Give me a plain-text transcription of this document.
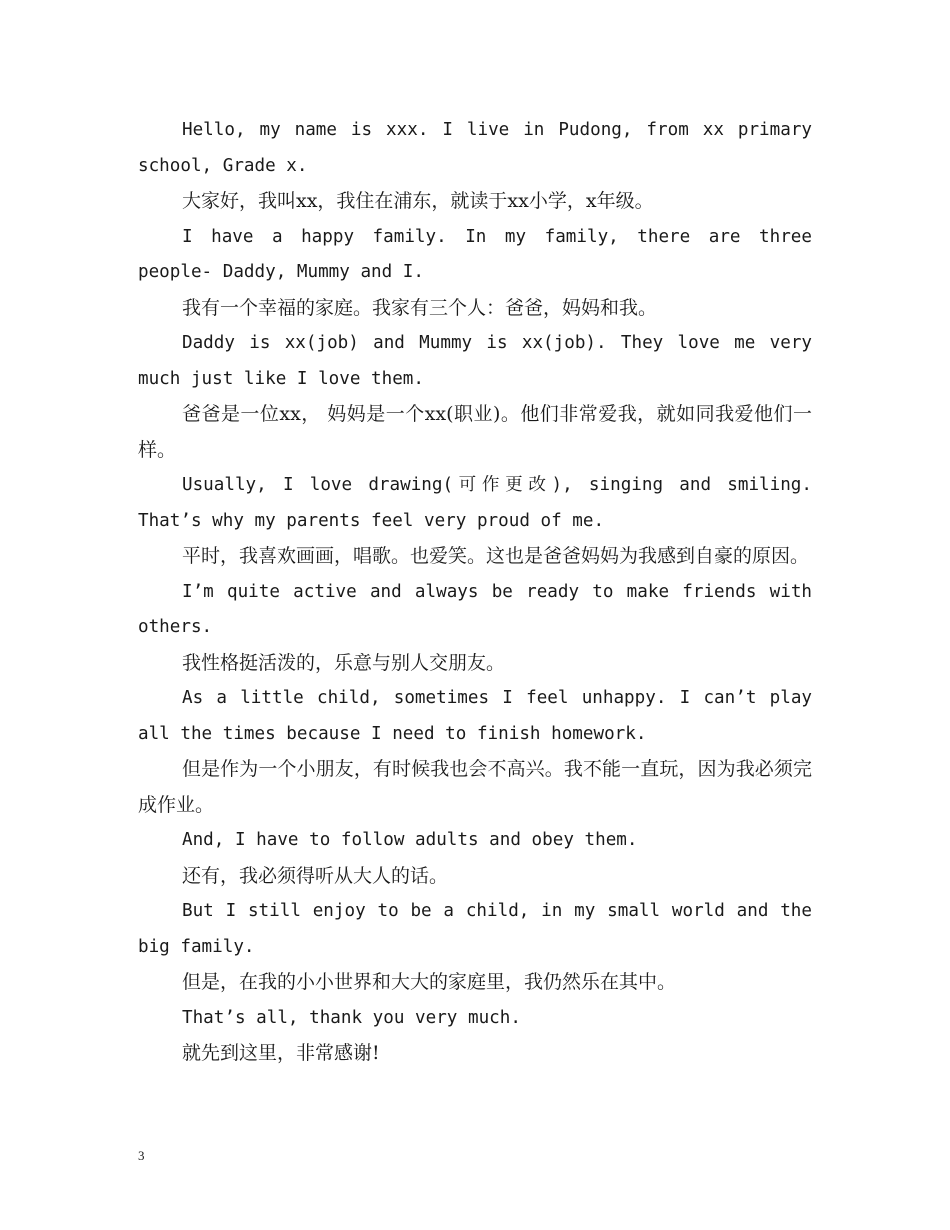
Hello, my name is xxx. I live in Pudong, from xx primary school, Grade x.

大家好，我叫xx，我住在浦东，就读于xx小学，x年级。

I have a happy family. In my family, there are three people- Daddy, Mummy and I.

我有一个幸福的家庭。我家有三个人：爸爸，妈妈和我。

Daddy is xx(job) and Mummy is xx(job). They love me very much just like I love them.

爸爸是一位xx， 妈妈是一个xx(职业)。他们非常爱我，就如同我爱他们一样。

Usually, I love drawing(可作更改), singing and smiling. That’s why my parents feel very proud of me.

平时，我喜欢画画，唱歌。也爱笑。这也是爸爸妈妈为我感到自豪的原因。

I’m quite active and always be ready to make friends with others.

我性格挺活泼的，乐意与别人交朋友。

As a little child, sometimes I feel unhappy. I can’t play all the times because I need to finish homework.

但是作为一个小朋友，有时候我也会不高兴。我不能一直玩，因为我必须完成作业。

And, I have to follow adults and obey them.

还有，我必须得听从大人的话。

But I still enjoy to be a child, in my small world and the big family.

但是，在我的小小世界和大大的家庭里，我仍然乐在其中。

That’s all, thank you very much.

就先到这里，非常感谢!

3
